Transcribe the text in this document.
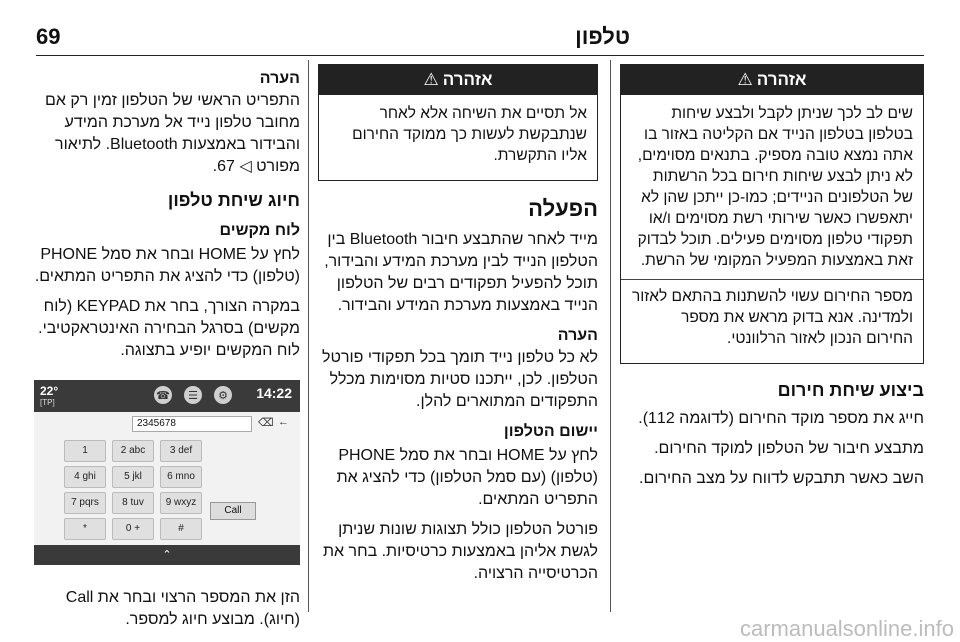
69	טלפון
אזהרה
⚠
שים לב לכך שניתן לקבל ולבצע שיחות בטלפון בטלפון הנייד אם הקליטה באזור בו אתה נמצא טובה מספיק. בתנאים מסוימים, לא ניתן לבצע שיחות חירום בכל הרשתות של הטלפונים הניידים; כמו-כן ייתכן שהן לא יתאפשרו כאשר שירותי רשת מסוימים ו/או תפקודי טלפון מסוימים פעילים. תוכל לבדוק זאת באמצעות המפעיל המקומי של הרשת.
מספר החירום עשוי להשתנות בהתאם לאזור ולמדינה. אנא בדוק מראש את מספר החירום הנכון לאזור הרלוונטי.
ביצוע שיחת חירום

חייג את מספר מוקד החירום (לדוגמה 112).

מתבצע חיבור של הטלפון למוקד החירום.

השב כאשר תתבקש לדווח על מצב החירום.

אזהרה
⚠
אל תסיים את השיחה אלא לאחר שנתבקשת לעשות כך ממוקד החירום אליו התקשרת.
הפעלה

מייד לאחר שהתבצע חיבור Bluetooth בין הטלפון הנייד לבין מערכת המידע והבידור, תוכל להפעיל תפקודים רבים של הטלפון הנייד באמצעות מערכת המידע והבידור.

הערה

לא כל טלפון נייד תומך בכל תפקודי פורטל הטלפון. לכן, ייתכנו סטיות מסוימות מכלל התפקודים המתוארים להלן.

יישום הטלפון

לחץ על HOME ובחר את סמל PHONE (טלפון) (עם סמל הטלפון) כדי להציג את התפריט המתאים.

פורטל הטלפון כולל תצוגות שונות שניתן לגשת אליהן באמצעות כרטיסיות. בחר את הכרטיסייה הרצויה.

הערה

התפריט הראשי של הטלפון זמין רק אם מחובר טלפון נייד אל מערכת המידע והבידור באמצעות Bluetooth. לתיאור מפורט ◁ 67.

חיוג שיחת טלפון
לוח מקשים

לחץ על HOME ובחר את סמל PHONE (טלפון) כדי להציג את התפריט המתאים.

במקרה הצורך, בחר את KEYPAD (לוח מקשים) בסרגל הבחירה האינטראקטיבי. לוח המקשים יופיע בתצוגה.

22°
[TP]
☎	☰	⚙ 14:22
2345678	⌫ ←
1	2 abc	3 def
4 ghi	5 jkl	6 mno
7 pqrs	8 tuv	9 wxyz
*	0 +	#
Call
⌃

הזן את המספר הרצוי ובחר את Call (חיוג). מבוצע חיוג למספר.	carmanualsonline.info
